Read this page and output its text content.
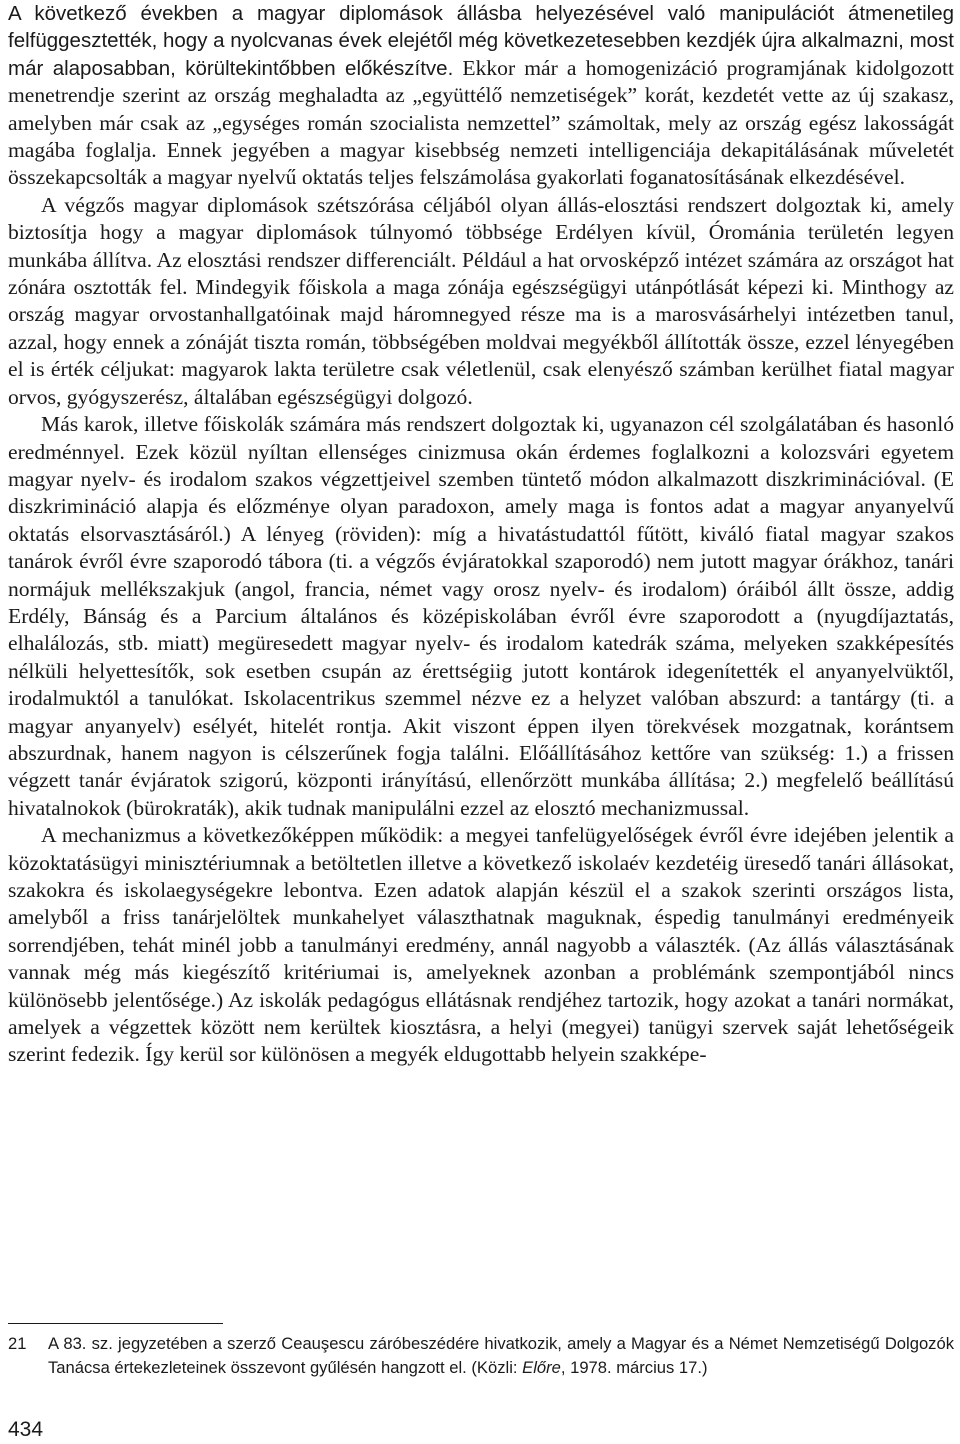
A következő években a magyar diplomások állásba helyezésével való manipulációt átmenetileg felfüggesztették, hogy a nyolcvanas évek elejétől még következetesebben kezdjék újra alkalmazni, most már alaposabban, körültekintőbben előkészítve. Ekkor már a homogenizáció programjának kidolgozott menetrendje szerint az ország meghaladta az „együttélő nemzetiségek” korát, kezdetét vette az új szakasz, amelyben már csak az „egységes román szocialista nemzettel” számoltak, mely az ország egész lakosságát magába foglalja. Ennek jegyében a magyar kisebbség nemzeti intelligenciája dekapitálásának műveletét összekapcsolták a magyar nyelvű oktatás teljes felszámolása gyakorlati foganatosításának elkezdésével.

A végzős magyar diplomások szétszórása céljából olyan állás-elosztási rendszert dolgoztak ki, amely biztosítja hogy a magyar diplomások túlnyomó többsége Erdélyen kívül, Órománia területén legyen munkába állítva. Az elosztási rendszer differenciált. Például a hat orvosképző intézet számára az országot hat zónára osztották fel. Mindegyik főiskola a maga zónája egészségügyi utánpótlását képezi ki. Minthogy az ország magyar orvostanhallgatóinak majd háromnegyed része ma is a marosvásárhelyi intézetben tanul, azzal, hogy ennek a zónáját tiszta román, többségében moldvai megyékből állították össze, ezzel lényegében el is érték céljukat: magyarok lakta területre csak véletlenül, csak elenyésző számban kerülhet fiatal magyar orvos, gyógyszerész, általában egészségügyi dolgozó.

Más karok, illetve főiskolák számára más rendszert dolgoztak ki, ugyanazon cél szolgálatában és hasonló eredménnyel. Ezek közül nyíltan ellenséges cinizmusa okán érdemes foglalkozni a kolozsvári egyetem magyar nyelv- és irodalom szakos végzettjeivel szemben tüntető módon alkalmazott diszkriminációval. (E diszkrimináció alapja és előzménye olyan paradoxon, amely maga is fontos adat a magyar anyanyelvű oktatás elsorvasztásáról.) A lényeg (röviden): míg a hivatástudattól fűtött, kiváló fiatal magyar szakos tanárok évről évre szaporodó tábora (ti. a végzős évjáratokkal szaporodó) nem jutott magyar órákhoz, tanári normájuk mellékszakjuk (angol, francia, német vagy orosz nyelv- és irodalom) óráiból állt össze, addig Erdély, Bánság és a Parcium általános és középiskolában évről évre szaporodott a (nyugdíjaztatás, elhalálozás, stb. miatt) megüresedett magyar nyelv- és irodalom katedrák száma, melyeken szakképesítés nélküli helyettesítők, sok esetben csupán az érettségiig jutott kontárok idegenítették el anyanyelvüktől, irodalmuktól a tanulókat. Iskolacentrikus szemmel nézve ez a helyzet valóban abszurd: a tantárgy (ti. a magyar anyanyelv) esélyét, hitelét rontja. Akit viszont éppen ilyen törekvések mozgatnak, korántsem abszurdnak, hanem nagyon is célszerűnek fogja találni. Előállításához kettőre van szükség: 1.) a frissen végzett tanár évjáratok szigorú, központi irányítású, ellenőrzött munkába állítása; 2.) megfelelő beállítású hivatalnokok (bürokraták), akik tudnak manipulálni ezzel az elosztó mechanizmussal.

A mechanizmus a következőképpen működik: a megyei tanfelügyelőségek évről évre idejében jelentik a közoktatásügyi minisztériumnak a betöltetlen illetve a következő iskolaév kezdetéig üresedő tanári állásokat, szakokra és iskolaegységekre lebontva. Ezen adatok alapján készül el a szakok szerinti országos lista, amelyből a friss tanárjelöltek munkahelyet választhatnak maguknak, éspedig tanulmányi eredményeik sorrendjében, tehát minél jobb a tanulmányi eredmény, annál nagyobb a választék. (Az állás választásának vannak még más kiegészítő kritériumai is, amelyeknek azonban a problémánk szempontjából nincs különösebb jelentősége.) Az iskolák pedagógus ellátásnak rendjéhez tartozik, hogy azokat a tanári normákat, amelyek a végzettek között nem kerültek kiosztásra, a helyi (megyei) tanügyi szervek saját lehetőségeik szerint fedezik. Így kerül sor különösen a megyék eldugottabb helyein szakképe-

21	A 83. sz. jegyzetében a szerző Ceauşescu záróbeszédére hivatkozik, amely a Magyar és a Német Nemzetiségű Dolgozók Tanácsa értekezleteinek összevont gyűlésén hangzott el. (Közli: Előre, 1978. március 17.)
434
